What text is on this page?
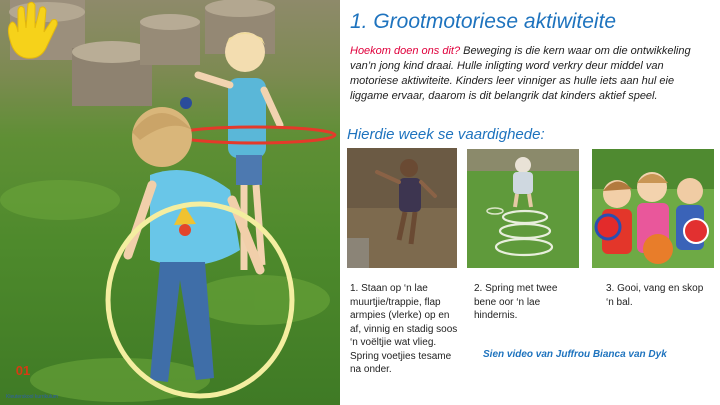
01
Kleuterskool kurrikulum
1. Grootmotoriese aktiwiteite
Hoekom doen ons dit? Beweging is die kern waar om die ontwikkeling van’n jong kind draai. Hulle inligting word verkry deur middel van motoriese aktiwiteite. Kinders leer vinniger as hulle iets aan hul eie liggame ervaar, daarom is dit belangrik dat kinders aktief speel.
Hierdie week se vaardighede:
1. Staan op ‘n lae muurtjie/trappie, flap armpies (vlerke) op en af, vinnig en stadig soos ‘n voëltjie wat vlieg. Spring voetjies tesame na onder.
2. Spring met twee bene oor ‘n lae hindernis.
3. Gooi, vang en skop ‘n bal.
Sien video van Juffrou Bianca van Dyk
